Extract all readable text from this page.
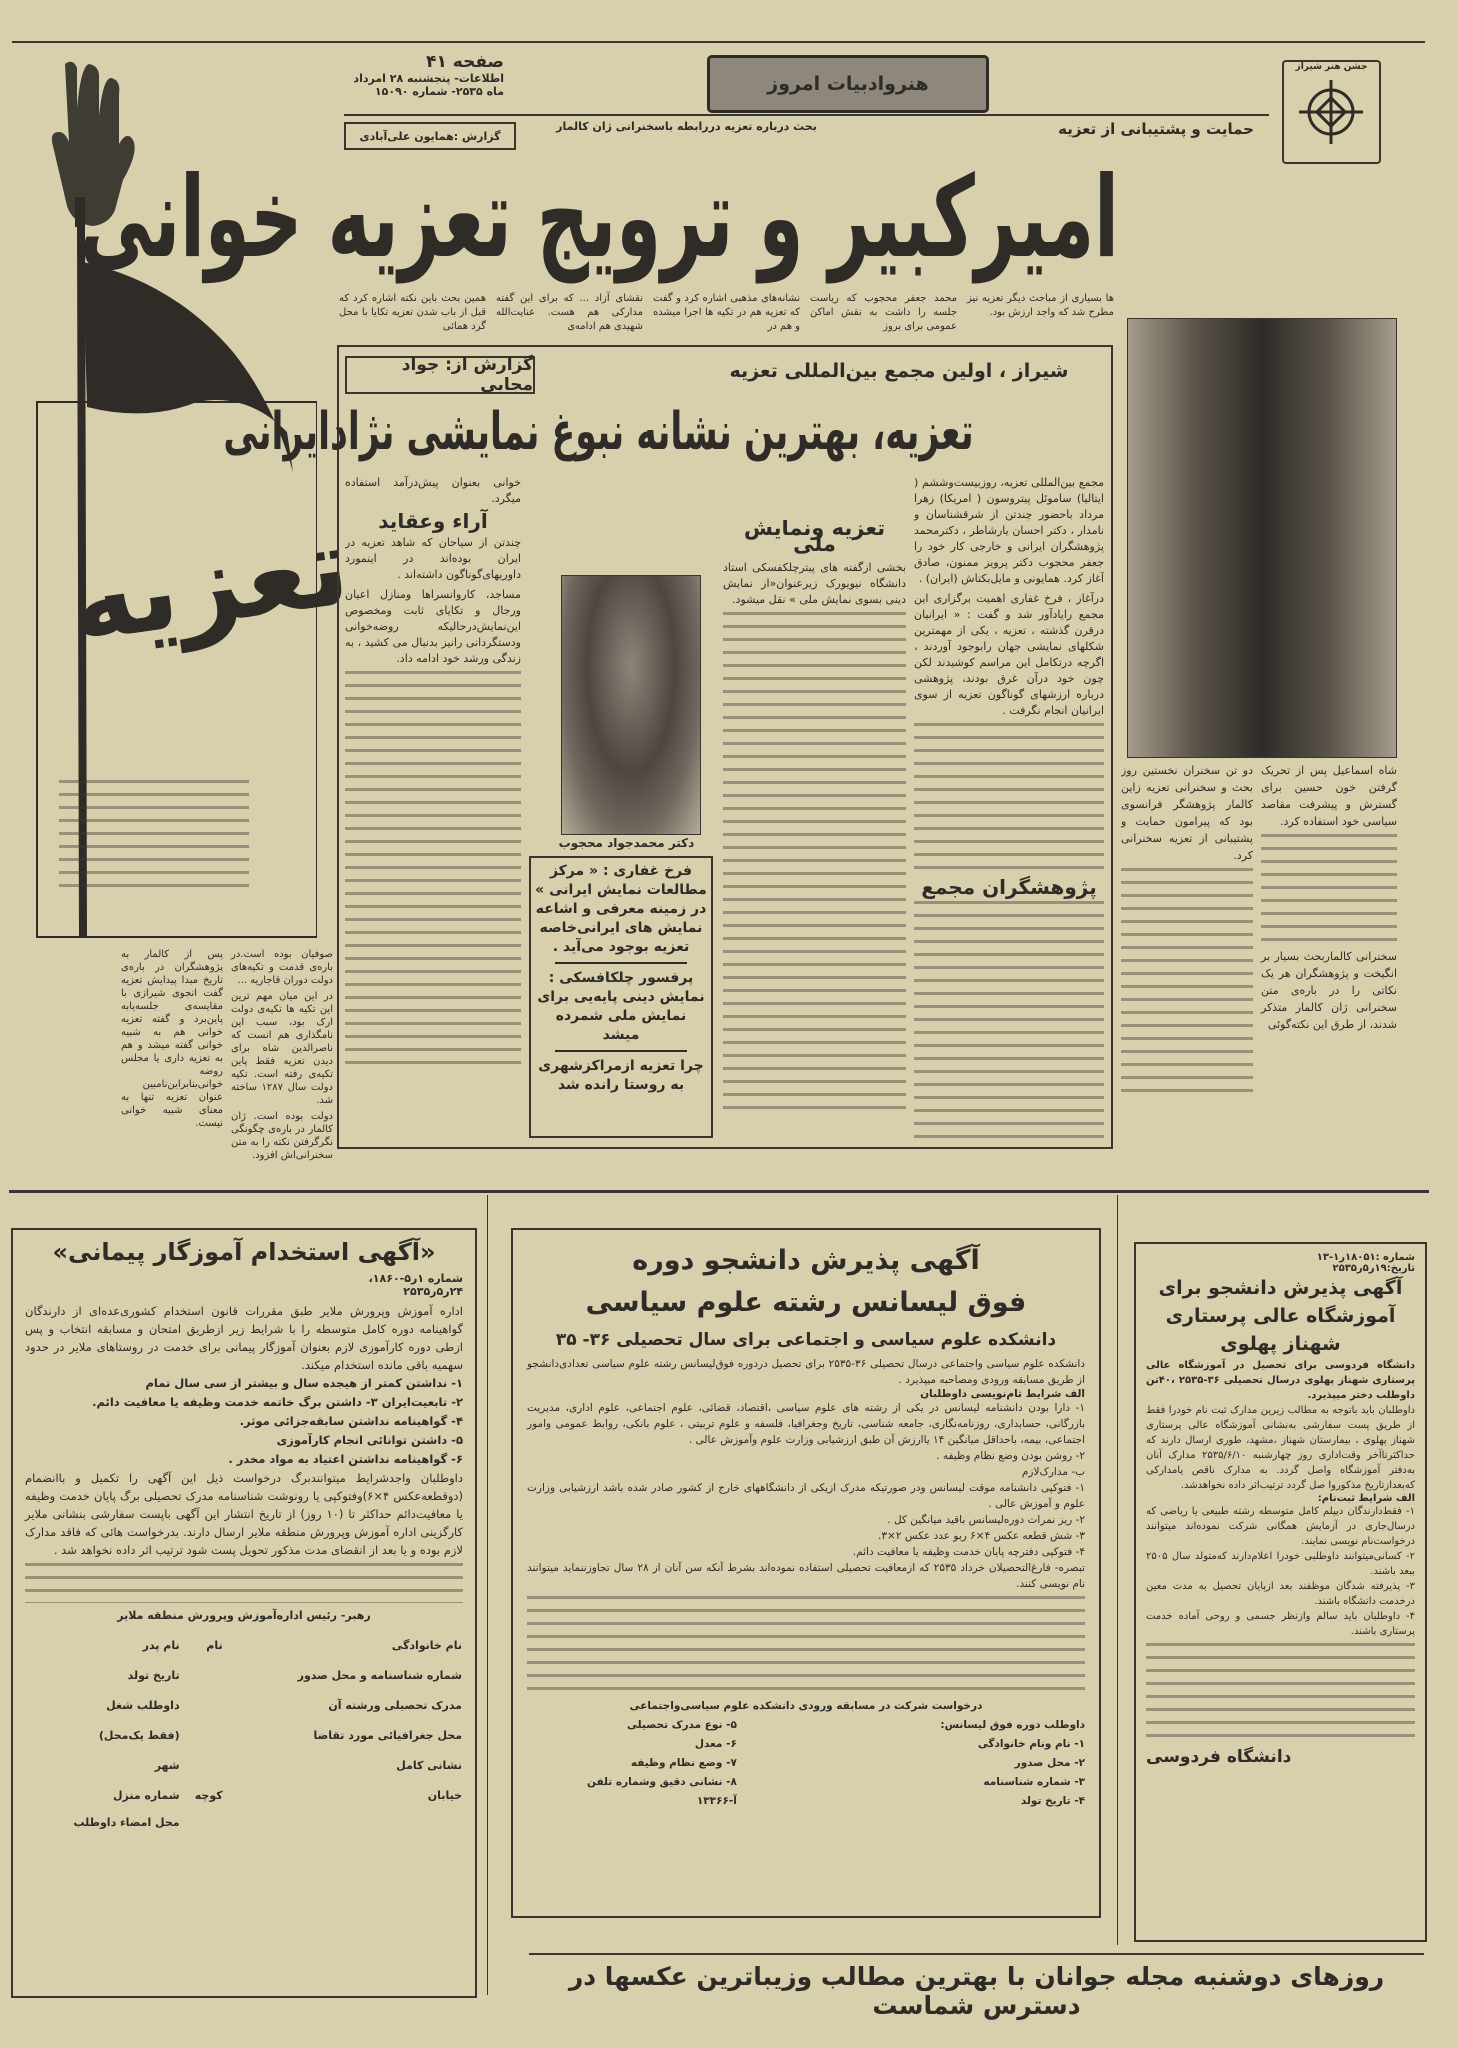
تعزیه
صفحه ۴۱
اطلاعات- پنجشنبه ۲۸ امرداد
ماه ۲۵۳۵- شماره ۱۵۰۹۰	هنروادبیات امروز
جشن هنر شیراز
حمایت و پشتیبانی از تعزیه
بحث درباره تعزیه دررابطه باسخنرانی ژان کالمار
گزارش :همایون علی‌آبادی
امیرکبیر و ترویج تعزیه خوانی
ها بسیاری از مباحث دیگر تعزیه نیز مطرح شد که واجد ارزش بود.
محمد جعفر محجوب که ریاست جلسه را داشت به نقش اماکن عمومی برای بروز
نشانه‌های مذهبی اشاره کرد و گفت که تعزیه هم در تکیه ها اجرا میشده و هم در
نقشای آزاد ... که برای این گفته مدارکی هم هست. عنایت‌الله شهیدی هم ادامه‌ی
همین بحث باین نکته اشاره کرد که قبل از باب شدن تعزیه تکایا با محل گرد همائی
دو تن سخنران نخستین روز بحث و سخنرانی تعزیه زاین کالمار پژوهشگر فرانسوی بود که پیرامون حمایت و پشتیبانی از تعزیه سخنرانی کرد.
شاه اسماعیل پس از تحریک گرفتن خون حسین برای گسترش و پیشرفت مقاصد سیاسی خود استفاده کرد.
سخنرانی کالماربحث بسیار بر انگیخت و پژوهشگران هر یک نکاتی را در باره‌ی متن سخنرانی ژان کالمار متذکر شدند، از طرق این نکته‌گوئی
گزارش از: جواد مجابی
شیراز ، اولین مجمع بین‌المللی تعزیه
تعزیه، بهترین نشانه نبوغ نمایشی نژادایرانی

مجمع بین‌المللی تعزیه، روزبیست‌وششم ( ایتالیا) ساموئل پیتروسون ( امریکا) زهرا مرداد باحضور چندتن از شرقشناسان و نامدار ، دکتر احسان یارشاطر ، دکترمحمد پژوهشگران ایرانی و خارجی کار خود را جعفر محجوب دکتر پرویز ممنون، صادق آغاز کرد. همایونی و مایل‌بکتاش (ایران) .

درآغاز ، فرخ غفاری اهمیت برگزاری این مجمع رایادآور شد و گفت : « ایرانیان درقرن گذشته ، تعزیه ، یکی از مهمترین شکلهای نمایشی جهان رابوجود آوردند ، اگرچه درتکامل این مراسم کوشیدند لکن چون خود درآن غرق بودند، پژوهشی درباره ارزشهای گوناگون تعزیه از سوی ایرانیان انجام نگرفت .

پژوهشگران مجمع
تعزیه ونمایش ملی

بخشی ازگفته های پیترچلکفسکی استاد دانشگاه نیویورک زیرعنوان«از نمایش دینی بسوی نمایش ملی » نقل میشود.

دکتر محمدجواد محجوب
فرخ غفاری : « مرکز مطالعات نمایش ایرانی » در زمینه معرفی و اشاعه نمایش های ایرانی‌خاصه تعزیه بوجود می‌آید .
پرفسور چلکافسکی : نمایش دینی پایه‌یی برای نمایش ملی شمرده میشد
چرا تعزیه ازمراکزشهری به روستا رانده شد

خوانی بعنوان پیش‌درآمد استفاده میگرد.

آراء وعقاید

چندتن از سیاحان که شاهد تعزیه در ایران بوده‌اند در اینمورد داوریهای‌گوناگون داشته‌اند .

مساجد، کاروانسراها ومنازل اعیان ورجال و تکایای ثابت ومخصوص این‌نمایش‌درحالیکه روضه‌خوانی ودستگردانی رانیز بدنبال می کشید ، به زندگی ورشد خود ادامه داد.

صوفیان بوده است.در باره‌ی قدمت و تکیه‌های دولت دوران قاجاریه ...

در این میان مهم ترین این تکیه ها تکیه‌ی دولت ارک بود، سبب این نامگذاری هم انست که ناصرالدین شاه برای دیدن تعزیه فقط پاین تکیه‌ی رفته است. تکیه دولت سال ۱۲۸۷ ساخته شد.

دولت بوده است. ژان کالمار در باره‌ی چگونگی نگرگرفتن نکته را به متن سخنرانی‌اش افزود.

پس از کالمار به پژوهشگران در باره‌ی تاریخ مبدا پیدایش تعزیه گفت انجوی شیرازی با مقایسه‌ی جلسه‌یابه پاین‌برد و گفته تعزیه خوانی هم به شبیه خوانی گفته میشد و هم به تعزیه داری یا مجلس روضه خوانی‌بنابراین‌نامبین عنوان تعزیه تنها به معنای شبیه خوانی نیست.

«آگهی استخدام آموزگار پیمانی»
شماره ۱ر۵-۱۸۶۰،
۲۴ر۵ر۲۵۳۵
اداره آموزش وپرورش ملایر طبق مقررات قانون استخدام کشوری‌عده‌ای از دارندگان گواهینامه دوره کامل متوسطه را با شرایط زیر ازطریق امتحان و مسابقه انتخاب و پس ازطی دوره کارآموزی لازم بعنوان آموزگار پیمانی برای خدمت در روستاهای ملایر در حدود سهمیه باقی مانده استخدام میکند.
۱- نداشتن کمتر از هیجده سال و بیشتر از سی سال تمام
۲- تابعیت‌ایران ۳- داشتن برگ خاتمه خدمت وظیفه یا معافیت دائم.
۴- گواهینامه نداشتن سابقه‌جزائی موثر.
۵- داشتن توانائی انجام کارآموزی
۶- گواهینامه نداشتن اعتیاد به مواد مخدر .
داوطلبان واجدشرایط میتوانندبرگ درخواست ذیل این آگهی را تکمیل و باانضمام (دوقطعه‌عکس ۴×۶)وفتوکپی یا رونوشت شناسنامه مدرک تحصیلی برگ پایان خدمت وظیفه یا معافیت‌دائم حداکثر تا (۱۰ روز) از تاریخ انتشار این آگهی باپست سفارشی بنشانی ملایر کارگزینی اداره آموزش وپرورش منطقه ملایر ارسال دارند. بدرخواست هائی که فاقد مدارک لازم بوده و یا بعد از انقضای مدت مذکور تحویل پست شود ترتیب اثر داده نخواهد شد .
رهبر- رئیس اداره‌آموزش وپرورش منطقه ملایر
نام خانوادگی	نام	نام پدر
شماره شناسنامه و محل صدور		تاریخ تولد
مدرک تحصیلی ورشته آن		داوطلب شغل
محل جغرافیائی مورد تقاضا		(فقط یک‌محل)
نشانی کامل		شهر
خیابان	کوچه	شماره منزل
		محل امضاء داوطلب
آگهی پذیرش دانشجو دوره
فوق لیسانس رشته علوم سیاسی
دانشکده علوم سیاسی و اجتماعی برای سال تحصیلی ۳۶- ۳۵
دانشکده علوم سیاسی واجتماعی درسال تحصیلی ۳۶-۲۵۳۵ برای تحصیل دردوره فوق‌لیسانس رشته علوم سیاسی تعدادی‌دانشجو از طریق مسابقه ورودی ومصاحبه میپذیرد .
الف شرایط ثام‌نویسی داوطلبان
۱- دارا بودن دانشنامه لیسانس در یکی از رشته های علوم سیاسی ،اقتصاد، قضائی، علوم اجتماعی، علوم اداری، مدیریت بازرگانی، حسابداری، روزنامه‌نگاری، جامعه شناسی، تاریخ وجغرافیا، فلسفه و علوم تربیتی ، علوم بانکی، روابط عمومی وامور اجتماعی، بیمه، باحداقل میانگین ۱۴ یاارزش آن طبق ارزشیابی وزارت علوم وآموزش عالی .
۲- روشن بودن وضع نظام وظیفه .
ب- مدارک‌لازم
۱- فتوکپی دانشنامه موقت لیسانس ودر صورتیکه مدرک ازیکی از دانشگاههای خارج از کشور صادر شده باشد ارزشیابی وزارت علوم و آموزش عالی .
۲- ریز نمرات دوره‌لیسانس باقید میانگین کل .
۳- شش قطعه عکس ۴×۶ ربو عدد عکس ۲×۳.
۴- فتوکپی دفترچه پایان خدمت وظیفه یا معافیت دائم.
تبصره- فارغ‌التحصیلان خرداد ۲۵۳۵ که ازمعافیت تحصیلی استفاده نموده‌اند بشرط آنکه سن آنان از ۲۸ سال تجاوزننماید میتوانند نام نویسی کنند.
درخواست شرکت در مسابقه ورودی دانشکده علوم سیاسی‌واجتماعی
داوطلب دوره فوق لیسانس:
۱- نام ونام خانوادگی
۲- محل صدور
۳- شماره شناسنامه
۴- تاریخ تولد
۵- نوع مدرک تحصیلی
۶- معدل
۷- وضع نظام وظیفه
۸- نشانی دقیق وشماره تلفن
آ-۱۳۳۶۶
شماره :۱۸۰۵۱ر۱-۱۳
تاریخ:۱۹ر۵ر۲۵۳۵
آگهی پذیرش دانشجو برای آموزشگاه عالی پرستاری شهناز پهلوی
دانشگاه فردوسی برای تحصیل در آموزشگاه عالی پرستاری شهناز پهلوی درسال تحصیلی ۳۶-۲۵۳۵ ،۴۰تن داوطلب دختر میپذیرد.
داوطلبان باید باتوجه به مطالب زیرین مدارک ثبت نام خودرا فقط از طریق پست سفارشی به‌نشانی آموزشگاه عالی پرستاری شهناز پهلوی ، بیمارستان شهناز ،مشهد، طوری ارسال دارند که حداکثرتاآخر وقت‌اداری روز چهارشنبه ۲۵۳۵/۶/۱۰ مدارک آنان به‌دفتر آموزشگاه واصل گردد. به مدارک ناقص یامدارکی که‌بعدازتاریخ مذکوروا صل گردد ترتیب‌اثر داده نخواهدشد.
الف شرایط ثبت‌نام:
۱- فقط‌دارندگان دیپلم کامل متوسطه رشته طبیعی یا ریاضی که درسال‌جاری در آزمایش همگانی شرکت نموده‌اند میتوانند درخواست‌نام نویسی نمایند.
۲- کسانی‌میتوانند داوطلبی خودرا اعلام‌دارند که‌متولد سال ۲۵۰۵ ببعد باشند.
۳- پذیرفته شدگان موظفند بعد ازپایان تحصیل به مدت معین درخدمت دانشگاه باشند.
۴- داوطلبان باید سالم وازنظر جسمی و روحی آماده خدمت پرستاری باشند.
دانشگاه فردوسی
روزهای دوشنبه مجله جوانان با بهترین مطالب وزیباترین عکسها در دسترس شماست
